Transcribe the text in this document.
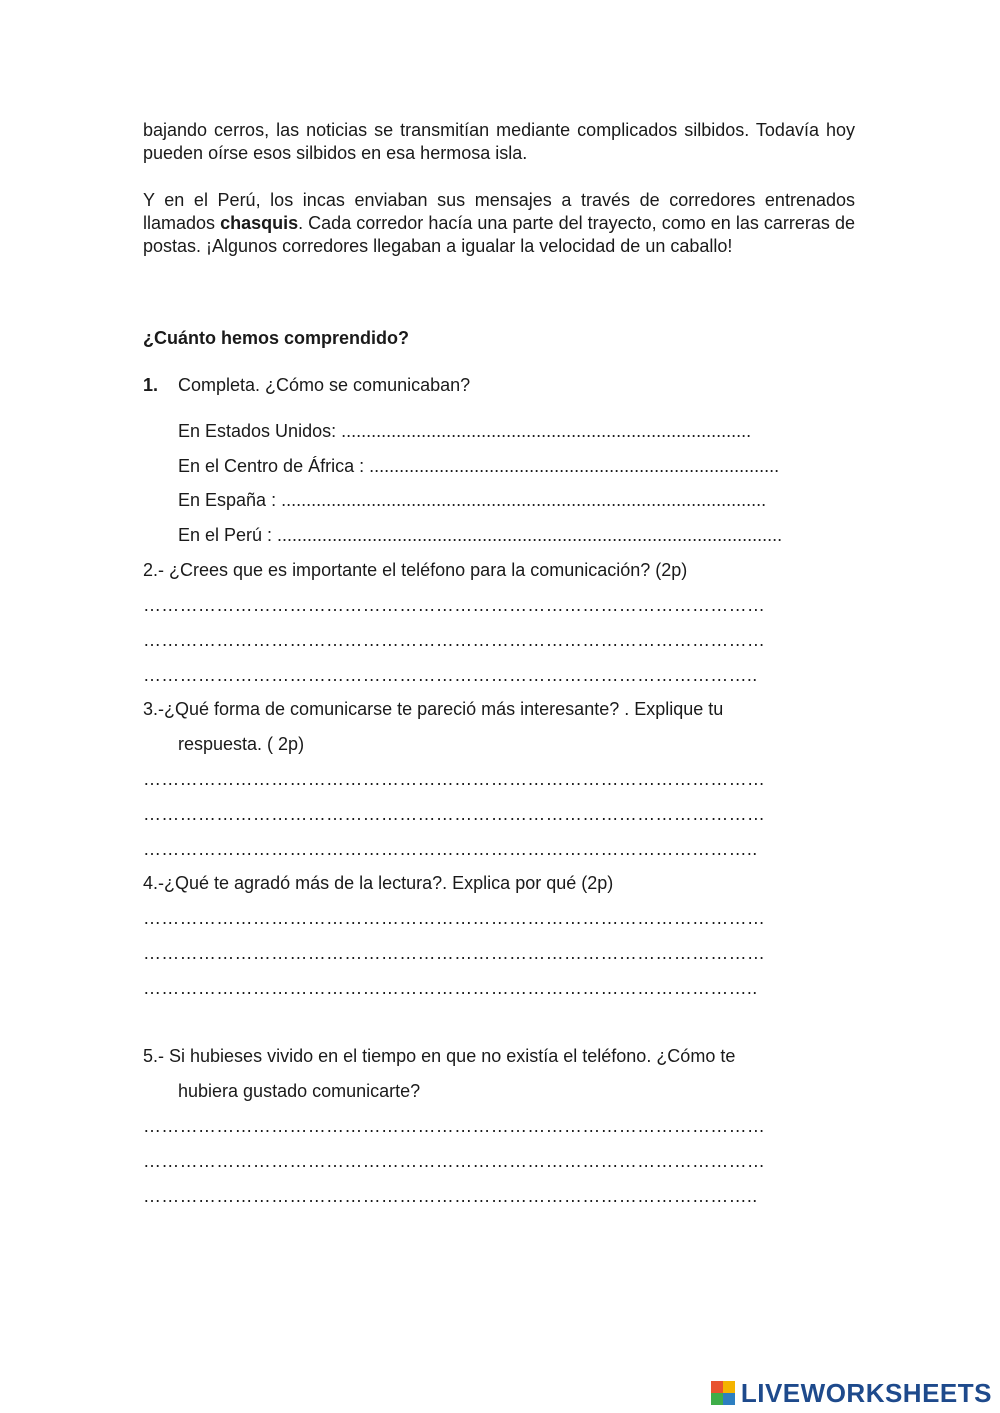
bajando cerros, las noticias se transmitían mediante complicados silbidos. Todavía hoy pueden oírse esos silbidos en esa hermosa isla.
Y en el Perú, los incas enviaban sus mensajes a través de corredores entrenados llamados chasquis. Cada corredor hacía una parte del trayecto, como en las carreras de postas. ¡Algunos corredores llegaban a igualar la velocidad de un caballo!
¿Cuánto hemos comprendido?
1. Completa. ¿Cómo se comunicaban?
En Estados Unidos: ..................................................................................
En el Centro de África : ..................................................................................
En España : .................................................................................................
En el Perú : .....................................................................................................
2.- ¿Crees que es importante el teléfono para la comunicación? (2p)
…………………………………………………………………………………………
…………………………………………………………………………………………
………………………………………………………………………………………..
3.-¿Qué forma de comunicarse te pareció más interesante? . Explique tu
respuesta. ( 2p)
…………………………………………………………………………………………
…………………………………………………………………………………………
………………………………………………………………………………………..
4.-¿Qué te agradó más de la lectura?. Explica por qué (2p)
…………………………………………………………………………………………
…………………………………………………………………………………………
………………………………………………………………………………………..
5.- Si hubieses vivido en el tiempo en que no existía el teléfono. ¿Cómo te
hubiera gustado comunicarte?
…………………………………………………………………………………………
…………………………………………………………………………………………
………………………………………………………………………………………..
LIVEWORKSHEETS
